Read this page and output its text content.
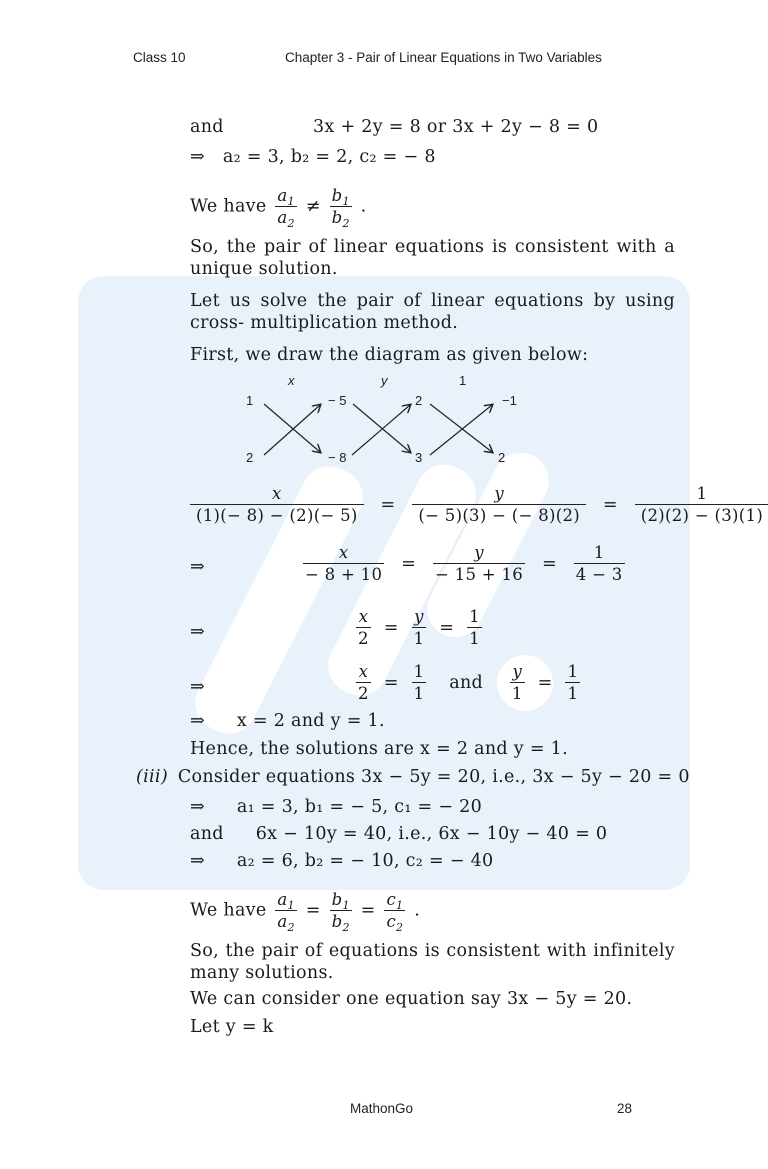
Class 10	Chapter 3 - Pair of Linear Equations in Two Variables
and	3x + 2y = 8 or 3x + 2y − 8 = 0
⇒ a₂ = 3, b₂ = 2, c₂ = − 8
We have $\frac{a_1}{a_2} \ne \frac{b_1}{b_2}$ .
So, the pair of linear equations is consistent with a unique solution.
Let us solve the pair of linear equations by using cross- multiplication method.
First, we draw the diagram as given below:
x	y	1
1	− 5	2	−1
2	− 8	3	2
$\frac{x}{(1)(- 8) - (2)(- 5)} = \frac{y}{(- 5)(3) - (- 8)(2)} = \frac{1}{(2)(2) - (3)(1)}$
⇒	$\frac{x}{- 8 + 10} = \frac{y}{- 15 + 16} = \frac{1}{4 - 3}$
⇒	$\frac{x}{2} = \frac{y}{1} = \frac{1}{1}$
⇒	$\frac{x}{2} = \frac{1}{1}$ and $\frac{y}{1} = \frac{1}{1}$
⇒ x = 2 and y = 1.
Hence, the solutions are x = 2 and y = 1.
(iii) Consider equations 3x − 5y = 20, i.e., 3x − 5y − 20 = 0
⇒ a₁ = 3, b₁ = − 5, c₁ = − 20
and 6x − 10y = 40, i.e., 6x − 10y − 40 = 0
⇒ a₂ = 6, b₂ = − 10, c₂ = − 40
We have $\frac{a_1}{a_2} = \frac{b_1}{b_2} = \frac{c_1}{c_2}$ .
So, the pair of equations is consistent with infinitely many solutions.
We can consider one equation say 3x − 5y = 20.
Let y = k
MathonGo	28
